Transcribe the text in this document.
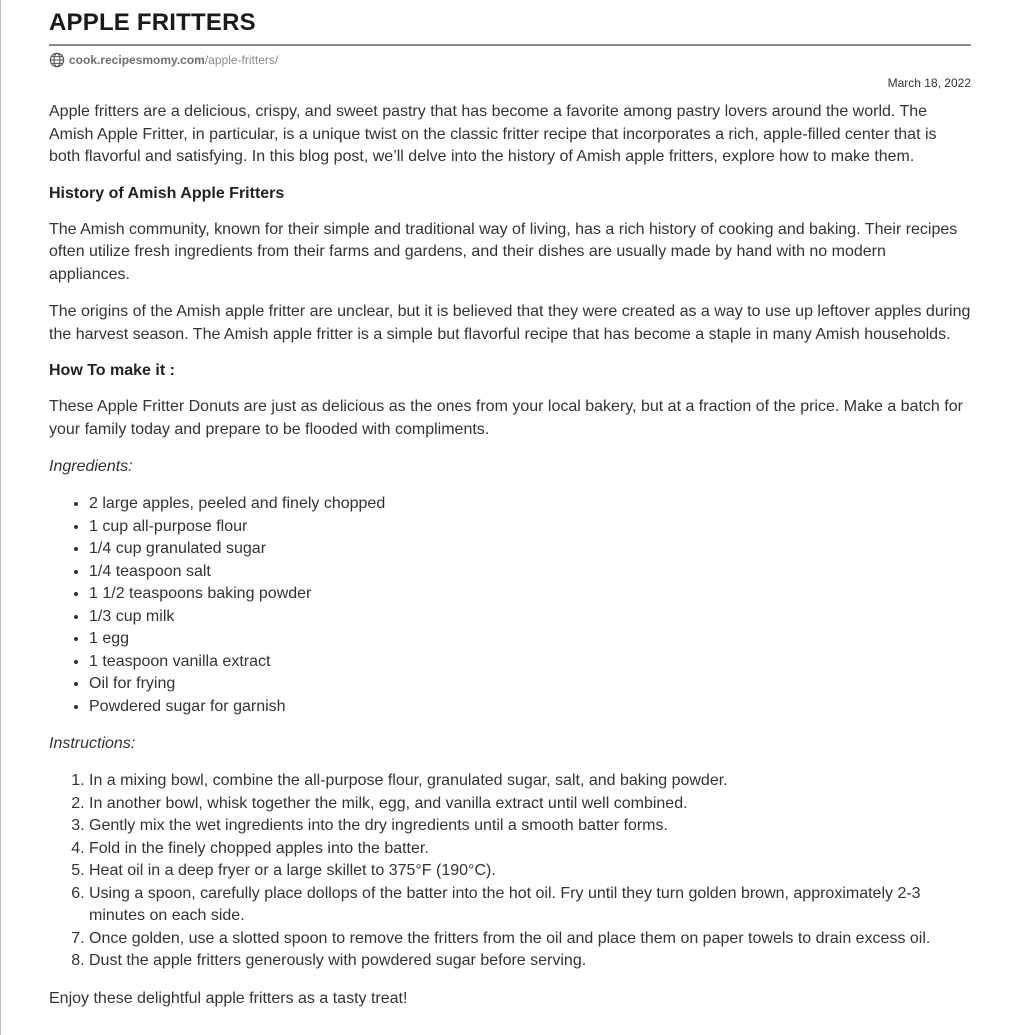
APPLE FRITTERS
cook.recipesmomy.com /apple-fritters/
March 18, 2022

Apple fritters are a delicious, crispy, and sweet pastry that has become a favorite among pastry lovers around the world. The Amish Apple Fritter, in particular, is a unique twist on the classic fritter recipe that incorporates a rich, apple-filled center that is both flavorful and satisfying. In this blog post, we’ll delve into the history of Amish apple fritters, explore how to make them.

History of Amish Apple Fritters

The Amish community, known for their simple and traditional way of living, has a rich history of cooking and baking. Their recipes often utilize fresh ingredients from their farms and gardens, and their dishes are usually made by hand with no modern appliances.

The origins of the Amish apple fritter are unclear, but it is believed that they were created as a way to use up leftover apples during the harvest season. The Amish apple fritter is a simple but flavorful recipe that has become a staple in many Amish households.

How To make it :

These Apple Fritter Donuts are just as delicious as the ones from your local bakery, but at a fraction of the price. Make a batch for your family today and prepare to be flooded with compliments.

Ingredients:

• 2 large apples, peeled and finely chopped
• 1 cup all-purpose flour
• 1/4 cup granulated sugar
• 1/4 teaspoon salt
• 1 1/2 teaspoons baking powder
• 1/3 cup milk
• 1 egg
• 1 teaspoon vanilla extract
• Oil for frying
• Powdered sugar for garnish

Instructions:

1. In a mixing bowl, combine the all-purpose flour, granulated sugar, salt, and baking powder.
2. In another bowl, whisk together the milk, egg, and vanilla extract until well combined.
3. Gently mix the wet ingredients into the dry ingredients until a smooth batter forms.
4. Fold in the finely chopped apples into the batter.
5. Heat oil in a deep fryer or a large skillet to 375°F (190°C).
6. Using a spoon, carefully place dollops of the batter into the hot oil. Fry until they turn golden brown, approximately 2-3 minutes on each side.
7. Once golden, use a slotted spoon to remove the fritters from the oil and place them on paper towels to drain excess oil.
8. Dust the apple fritters generously with powdered sugar before serving.

Enjoy these delightful apple fritters as a tasty treat!
